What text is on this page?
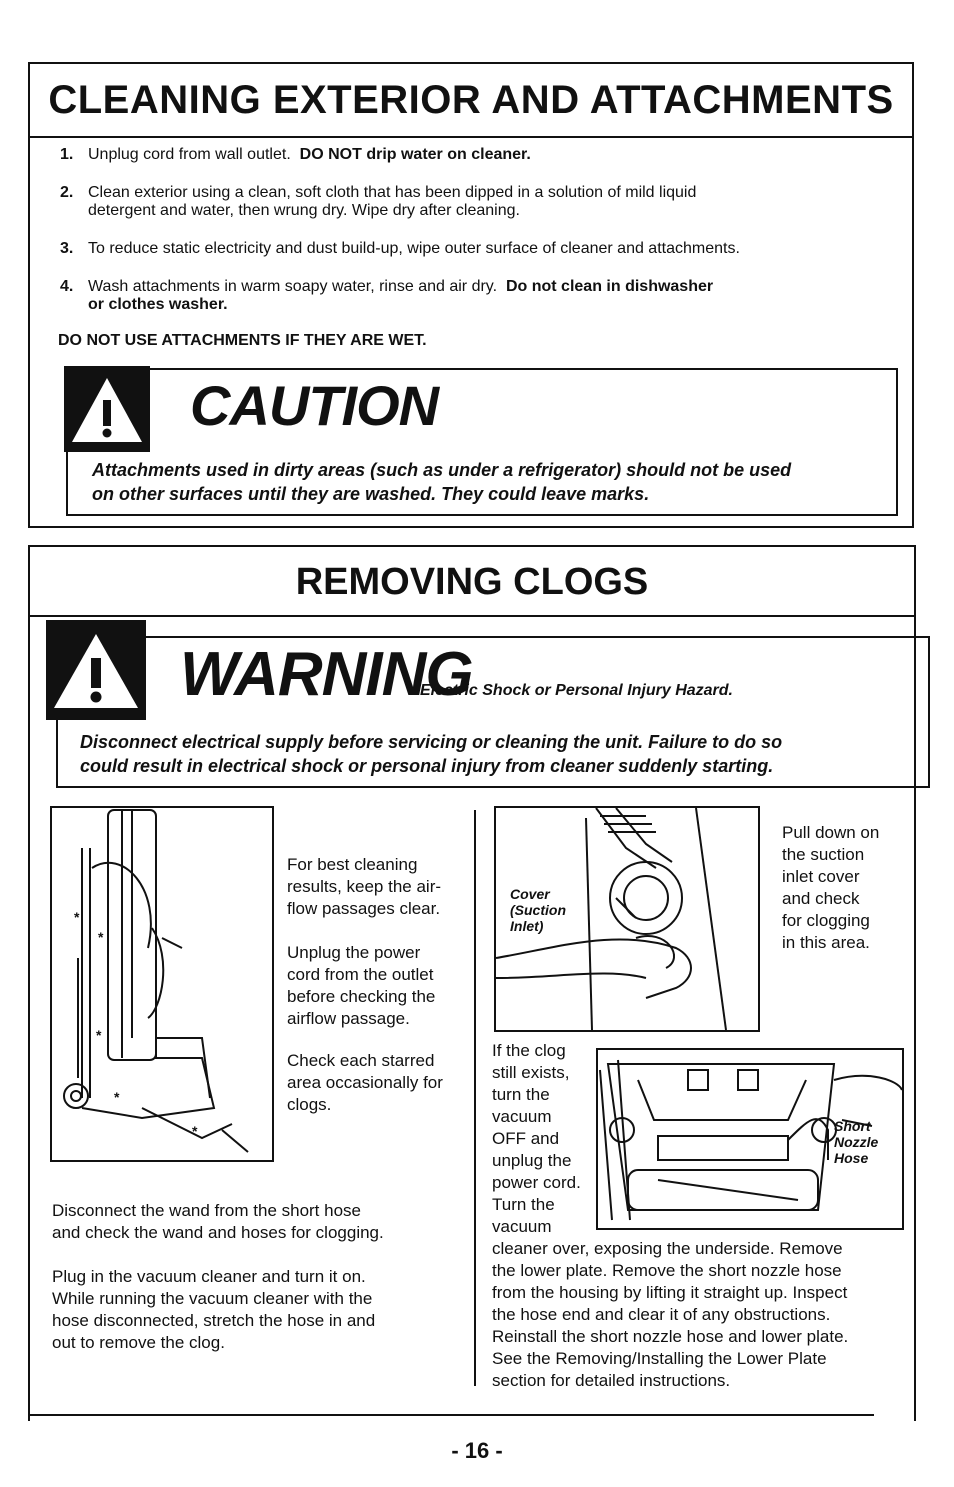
CLEANING EXTERIOR AND ATTACHMENTS
1. Unplug cord from wall outlet. DO NOT drip water on cleaner.
2. Clean exterior using a clean, soft cloth that has been dipped in a solution of mild liquid
detergent and water, then wrung dry. Wipe dry after cleaning.
3. To reduce static electricity and dust build-up, wipe outer surface of cleaner and attachments.
4. Wash attachments in warm soapy water, rinse and air dry. Do not clean in dishwasher
or clothes washer.
DO NOT USE ATTACHMENTS IF THEY ARE WET.
CAUTION
Attachments used in dirty areas (such as under a refrigerator) should not be used
on other surfaces until they are washed. They could leave marks.
REMOVING CLOGS
WARNING
Electric Shock or Personal Injury Hazard.
Disconnect electrical supply before servicing or cleaning the unit. Failure to do so
could result in electrical shock or personal injury from cleaner suddenly starting.
*
*
*
*
*
For best cleaning
results, keep the air-
flow passages clear.
Unplug the power
cord from the outlet
before checking the
airflow passage.
Check each starred
area occasionally for
clogs.
Disconnect the wand from the short hose
and check the wand and hoses for clogging.
Plug in the vacuum cleaner and turn it on.
While running the vacuum cleaner with the
hose disconnected, stretch the hose in and
out to remove the clog.
Cover
(Suction
Inlet)
Pull down on
the suction
inlet cover
and check
for clogging
in this area.
If the clog
still exists,
turn the
vacuum
OFF and
unplug the
power cord.
Turn the
vacuum
Short
Nozzle
Hose
cleaner over, exposing the underside. Remove
the lower plate. Remove the short nozzle hose
from the housing by lifting it straight up. Inspect
the hose end and clear it of any obstructions.
Reinstall the short nozzle hose and lower plate.
See the Removing/Installing the Lower Plate
section for detailed instructions.
- 16 -
